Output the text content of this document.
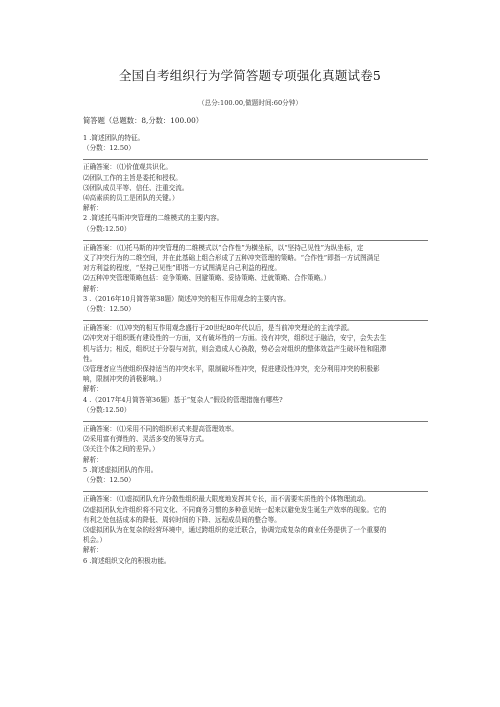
全国自考组织行为学简答题专项强化真题试卷5
（总分:100.00,做题时间:60分钟）
简答题（总题数：8,分数：100.00）

1 .简述团队的特征。

（分数：12.50）

正确答案：（⑴价值观共识化。

⑵团队工作的主旨是委托和授权。

⑶团队成员平等、信任、注重交流。

⑷高素质的员工是团队的关键。）

解析：

2 .简述托马斯冲突管理的二维模式的主要内容。

（分数:12.50）

正确答案：（⑴托马斯的冲突管理的二维模式以“合作性”为横坐标，以“坚持己见性”为纵坐标，定

义了冲突行为的二维空间，并在此基础上组合形成了五种冲突管理的策略。“合作性”即指一方试图满足

对方利益的程度，“坚持己见性”即指一方试图满足自己利益的程度。

⑵五种冲突管理策略包括：竞争策略、回避策略、妥协策略、迁就策略、合作策略。）

解析：

3 .（2016年10月简答第38题）简述冲突的相互作用观念的主要内容。

（分数：12.50）

正确答案：（⑴冲突的相互作用观念盛行于20世纪80年代以后，是当前冲突理论的主流学派。

⑵冲突对于组织既有建设性的一方面，又有破坏性的一方面。没有冲突，组织过于融洽，安宁，会失去生

机与活力；相反，组织过于分裂与对抗，则会造成人心涣散，势必会对组织的整体效益产生破坏性和阻滞

性。

⑶管理者应当使组织保持适当的冲突水平，限制破坏性冲突，促进建设性冲突，充分利用冲突的积极影

响，限制冲突的消极影响。）

解析：

4 .（2017年4月简答第36题）基于“复杂人”假设的管理措施有哪些?

（分数:12.50）

正确答案：（⑴采用不同的组织形式来提高管理效率。

⑵采用富有弹性的、灵活多变的领导方式。

⑶关注个体之间的差异。）

解析：

5 .简述虚拟团队的作用。

（分数：12.50）

正确答案：（⑴虚拟团队允许分散性组织最大限度地发挥其专长，而不需要实质性的个体物理流动。

⑵虚拟团队允许组织将不同文化、不同商务习惯的多种意见统一起来以避免发生诞生产效率的现象。它的

有利之处包括成本的降低、周转时间的下降、远程成员间的整合等。

⑶虚拟团队为在复杂的经营环境中，通过跨组织的竞迁联合，协调完成复杂的商业任务提供了一个重要的

机会。）

解析：

6 .简述组织文化的积极功能。
